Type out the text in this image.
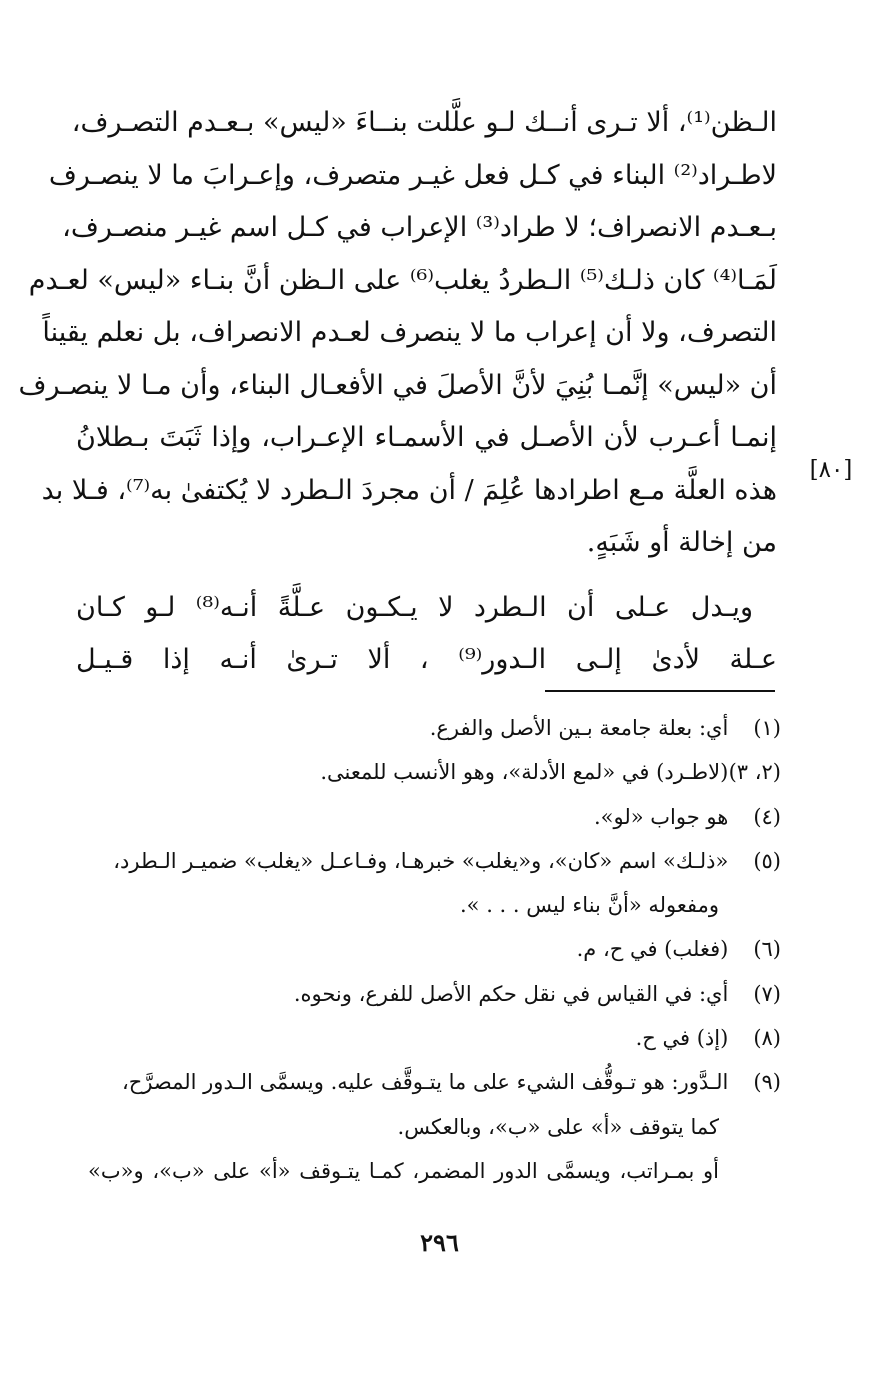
الـظن⁽¹⁾، ألا تـرى أنــك لـو علَّلت بنــاءَ «ليس» بـعـدم التصـرف،
لاطـراد⁽²⁾ البناء في كـل فعل غيـر متصرف، وإعـرابَ ما لا ينصـرف
بـعـدم الانصراف؛ لا طراد⁽³⁾ الإعراب في كـل اسم غيـر منصـرف،
لَمَـا⁽⁴⁾ كان ذلـك⁽⁵⁾ الـطردُ يغلب⁽⁶⁾ على الـظن أنَّ بنـاء «ليس» لعـدم
التصرف، ولا أن إعراب ما لا ينصرف لعـدم الانصراف، بل نعلم يقيناً
أن «ليس» إنَّمـا بُنِيَ لأنَّ الأصلَ في الأفعـال البناء، وأن مـا لا ينصـرف
إنمـا أعـرب لأن الأصـل في الأسمـاء الإعـراب، وإذا ثَبَتَ بـطلانُ
هذه العلَّة مـع اطرادها عُلِمَ / أن مجردَ الـطرد لا يُكتفىٰ به⁽⁷⁾، فـلا بد
من إخالة أو شَبَهٍ.
ويـدل عـلى أن الـطرد لا يـكـون عـلَّةً أنـه⁽⁸⁾ لـو كـان
عـلة لأدىٰ إلـى الـدور⁽⁹⁾ ، ألا تـرىٰ أنـه إذا قـيـل
[٨٠]
(١) أي: بعلة جامعة بـين الأصل والفرع.
(٢، ٣) (لاطـرد) في «لمع الأدلة»، وهو الأنسب للمعنى.
(٤) هو جواب «لو».
(٥) «ذلـك» اسم «كان»، و«يغلب» خبرهـا، وفـاعـل «يغلب» ضميـر الـطرد،
ومفعوله «أنَّ بناء ليس . . . ».
(٦) (فغلب) في ح، م.
(٧) أي: في القياس في نقل حكم الأصل للفرع، ونحوه.
(٨) (إذ) في ح.
(٩) الـدَّور: هو تـوقُّف الشيء على ما يتـوقَّف عليه. ويسمَّى الـدور المصرَّح،
كما يتوقف «أ» على «ب»، وبالعكس.
أو بمـراتب، ويسمَّى الدور المضمر، كمـا يتـوقف «أ» على «ب»، و«ب»
٢٩٦
